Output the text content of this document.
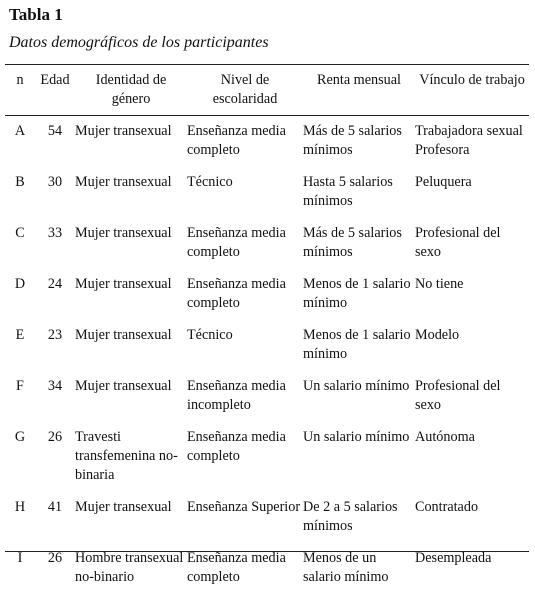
Tabla 1
Datos demográficos de los participantes
n	Edad	Identidad de género	Nivel de escolaridad	Renta mensual	Vínculo de trabajo
A	54	Mujer transexual	Enseñanza media completo	Más de 5 salarios mínimos	Trabajadora sexual Profesora
B	30	Mujer transexual	Técnico	Hasta 5 salarios mínimos	Peluquera
C	33	Mujer transexual	Enseñanza media completo	Más de 5 salarios mínimos	Profesional del sexo
D	24	Mujer transexual	Enseñanza media completo	Menos de 1 salario mínimo	No tiene
E	23	Mujer transexual	Técnico	Menos de 1 salario mínimo	Modelo
F	34	Mujer transexual	Enseñanza media incompleto	Un salario mínimo	Profesional del sexo
G	26	Travesti transfemenina no-binaria	Enseñanza media completo	Un salario mínimo	Autónoma
H	41	Mujer transexual	Enseñanza Superior	De 2 a 5 salarios mínimos	Contratado
I	26	Hombre transexual no-binario	Enseñanza media completo	Menos de un salario mínimo	Desempleada
